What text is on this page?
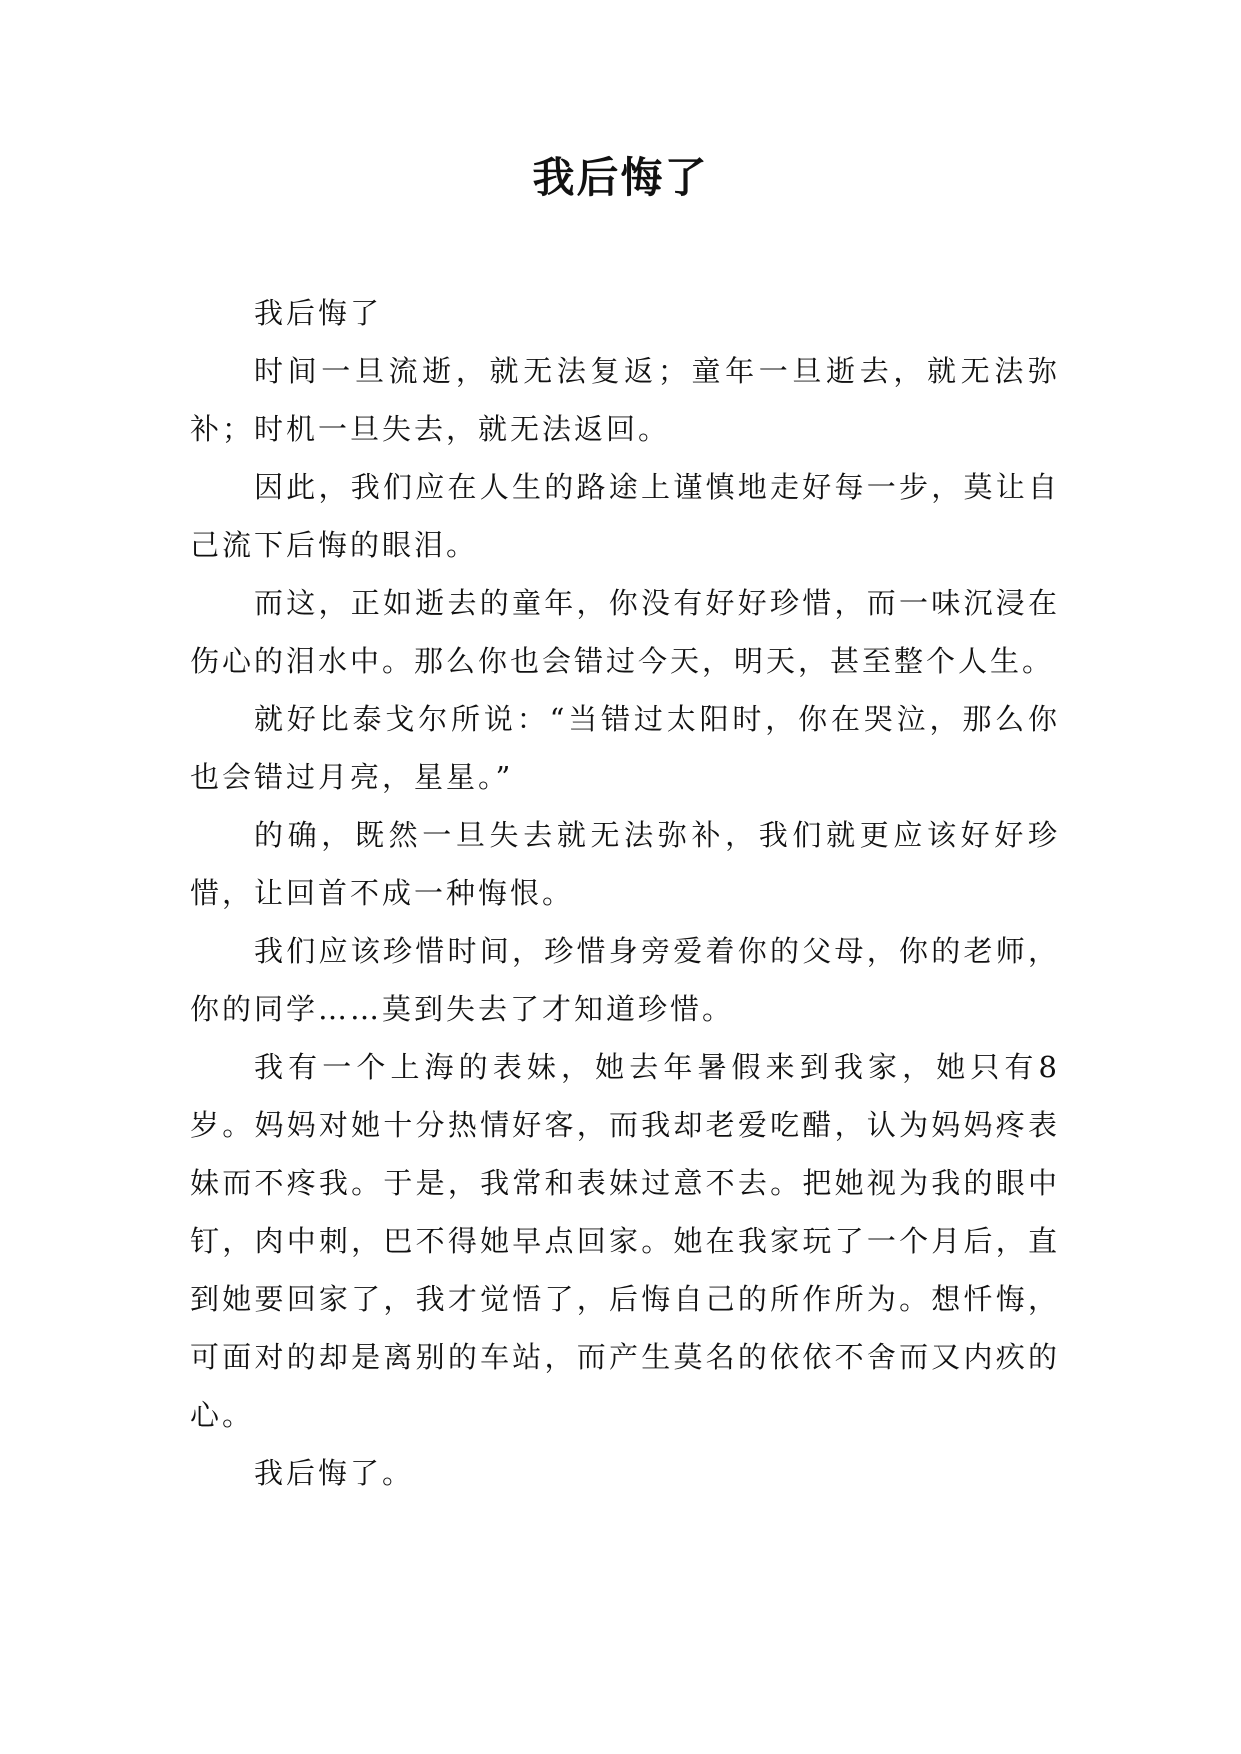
我后悔了

我后悔了

时间一旦流逝，就无法复返；童年一旦逝去，就无法弥补；时机一旦失去，就无法返回。

因此，我们应在人生的路途上谨慎地走好每一步，莫让自己流下后悔的眼泪。

而这，正如逝去的童年，你没有好好珍惜，而一味沉浸在伤心的泪水中。那么你也会错过今天，明天，甚至整个人生。

就好比泰戈尔所说：“当错过太阳时，你在哭泣，那么你也会错过月亮，星星。”

的确，既然一旦失去就无法弥补，我们就更应该好好珍惜，让回首不成一种悔恨。

我们应该珍惜时间，珍惜身旁爱着你的父母，你的老师，你的同学……莫到失去了才知道珍惜。

我有一个上海的表妹，她去年暑假来到我家，她只有8岁。妈妈对她十分热情好客，而我却老爱吃醋，认为妈妈疼表妹而不疼我。于是，我常和表妹过意不去。把她视为我的眼中钉，肉中刺，巴不得她早点回家。她在我家玩了一个月后，直到她要回家了，我才觉悟了，后悔自己的所作所为。想忏悔，可面对的却是离别的车站，而产生莫名的依依不舍而又内疚的心。

我后悔了。
